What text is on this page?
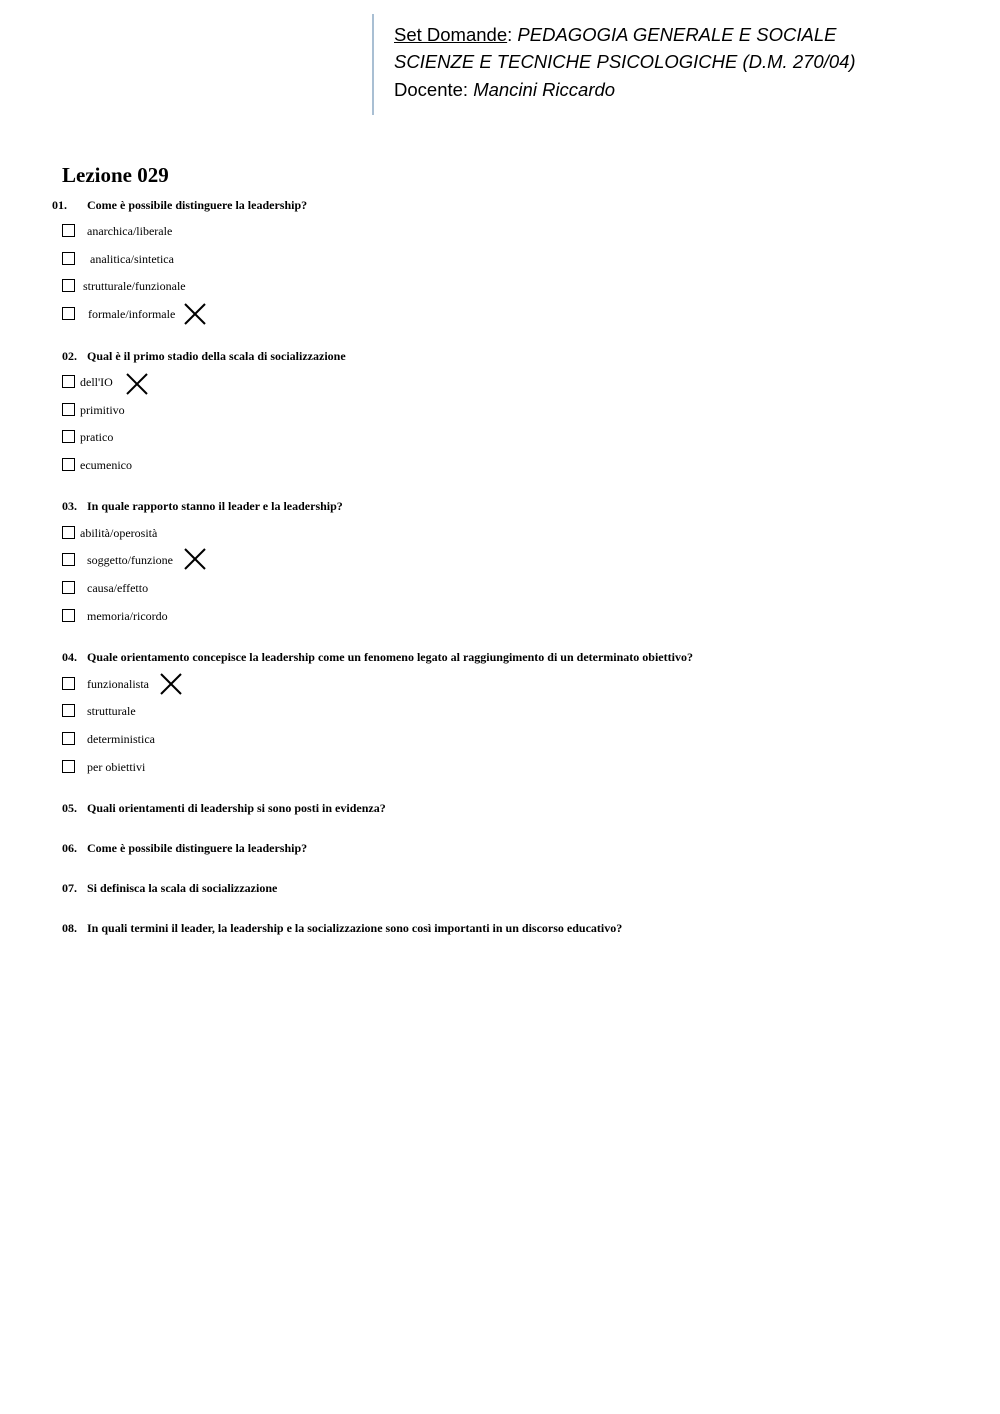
Set Domande: PEDAGOGIA GENERALE E SOCIALE
SCIENZE E TECNICHE PSICOLOGICHE (D.M. 270/04)
Docente: Mancini Riccardo
Lezione 029
01. Come è possibile distinguere la leadership?
anarchica/liberale
analitica/sintetica
strutturale/funzionale
formale/informale
02. Qual è il primo stadio della scala di socializzazione
dell'IO
primitivo
pratico
ecumenico
03. In quale rapporto stanno il leader e la leadership?
abilità/operosità
soggetto/funzione
causa/effetto
memoria/ricordo
04. Quale orientamento concepisce la leadership come un fenomeno legato al raggiungimento di un determinato obiettivo?
funzionalista
strutturale
deterministica
per obiettivi
05. Quali orientamenti di leadership si sono posti in evidenza?
06. Come è possibile distinguere la leadership?
07. Si definisca la scala di socializzazione
08. In quali termini il leader, la leadership e la socializzazione sono così importanti in un discorso educativo?
